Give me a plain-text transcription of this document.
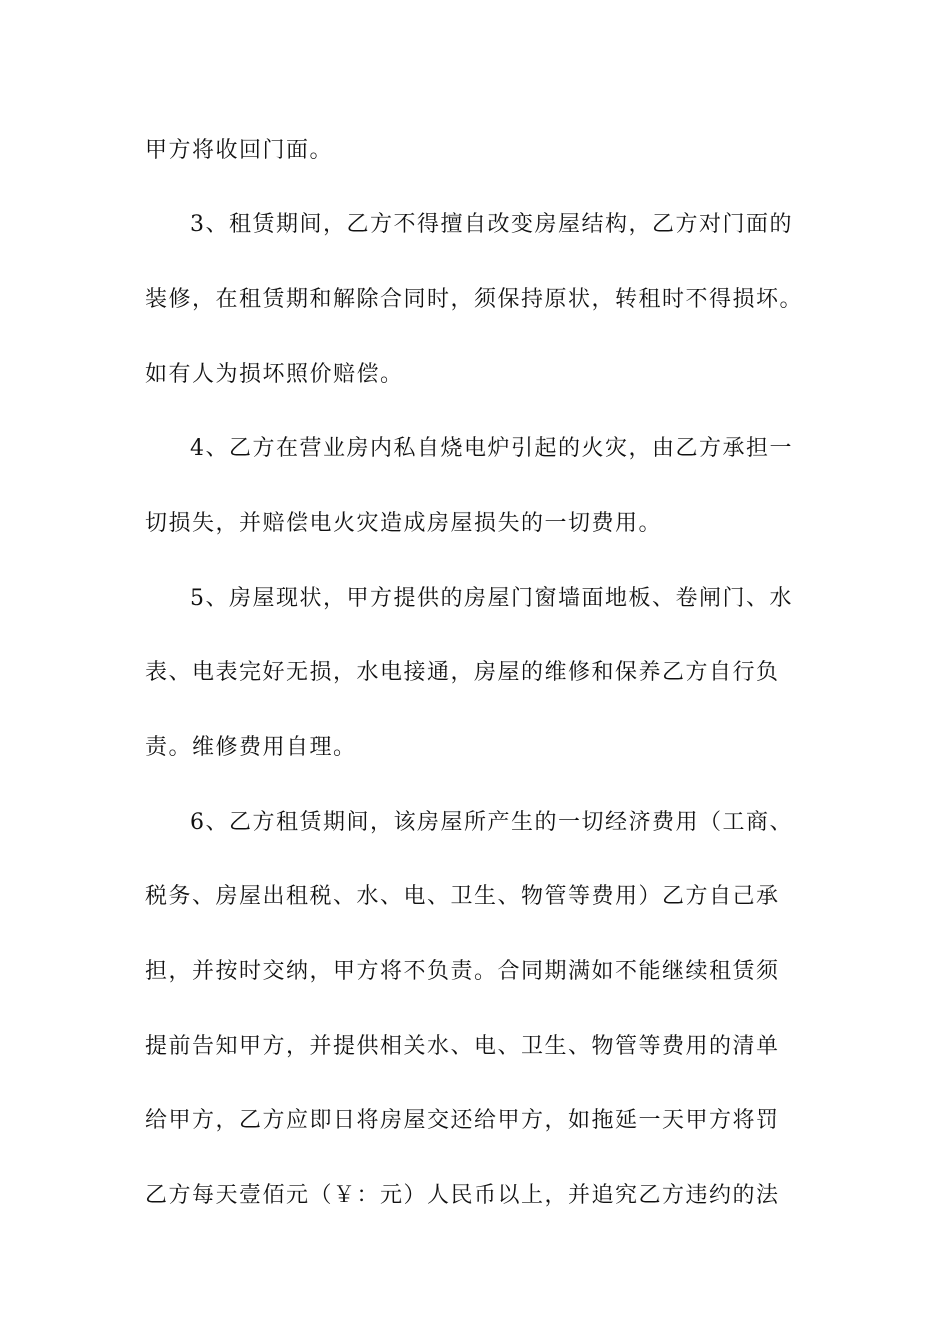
甲方将收回门面。
3、租赁期间，乙方不得擅自改变房屋结构，乙方对门面的
装修，在租赁期和解除合同时，须保持原状，转租时不得损坏。
如有人为损坏照价赔偿。
4、乙方在营业房内私自烧电炉引起的火灾，由乙方承担一
切损失，并赔偿电火灾造成房屋损失的一切费用。
5、房屋现状，甲方提供的房屋门窗墙面地板、卷闸门、水
表、电表完好无损，水电接通，房屋的维修和保养乙方自行负
责。维修费用自理。
6、乙方租赁期间，该房屋所产生的一切经济费用（工商、
税务、房屋出租税、水、电、卫生、物管等费用）乙方自己承
担，并按时交纳，甲方将不负责。合同期满如不能继续租赁须
提前告知甲方，并提供相关水、电、卫生、物管等费用的清单
给甲方，乙方应即日将房屋交还给甲方，如拖延一天甲方将罚
乙方每天壹佰元（￥：元）人民币以上，并追究乙方违约的法
